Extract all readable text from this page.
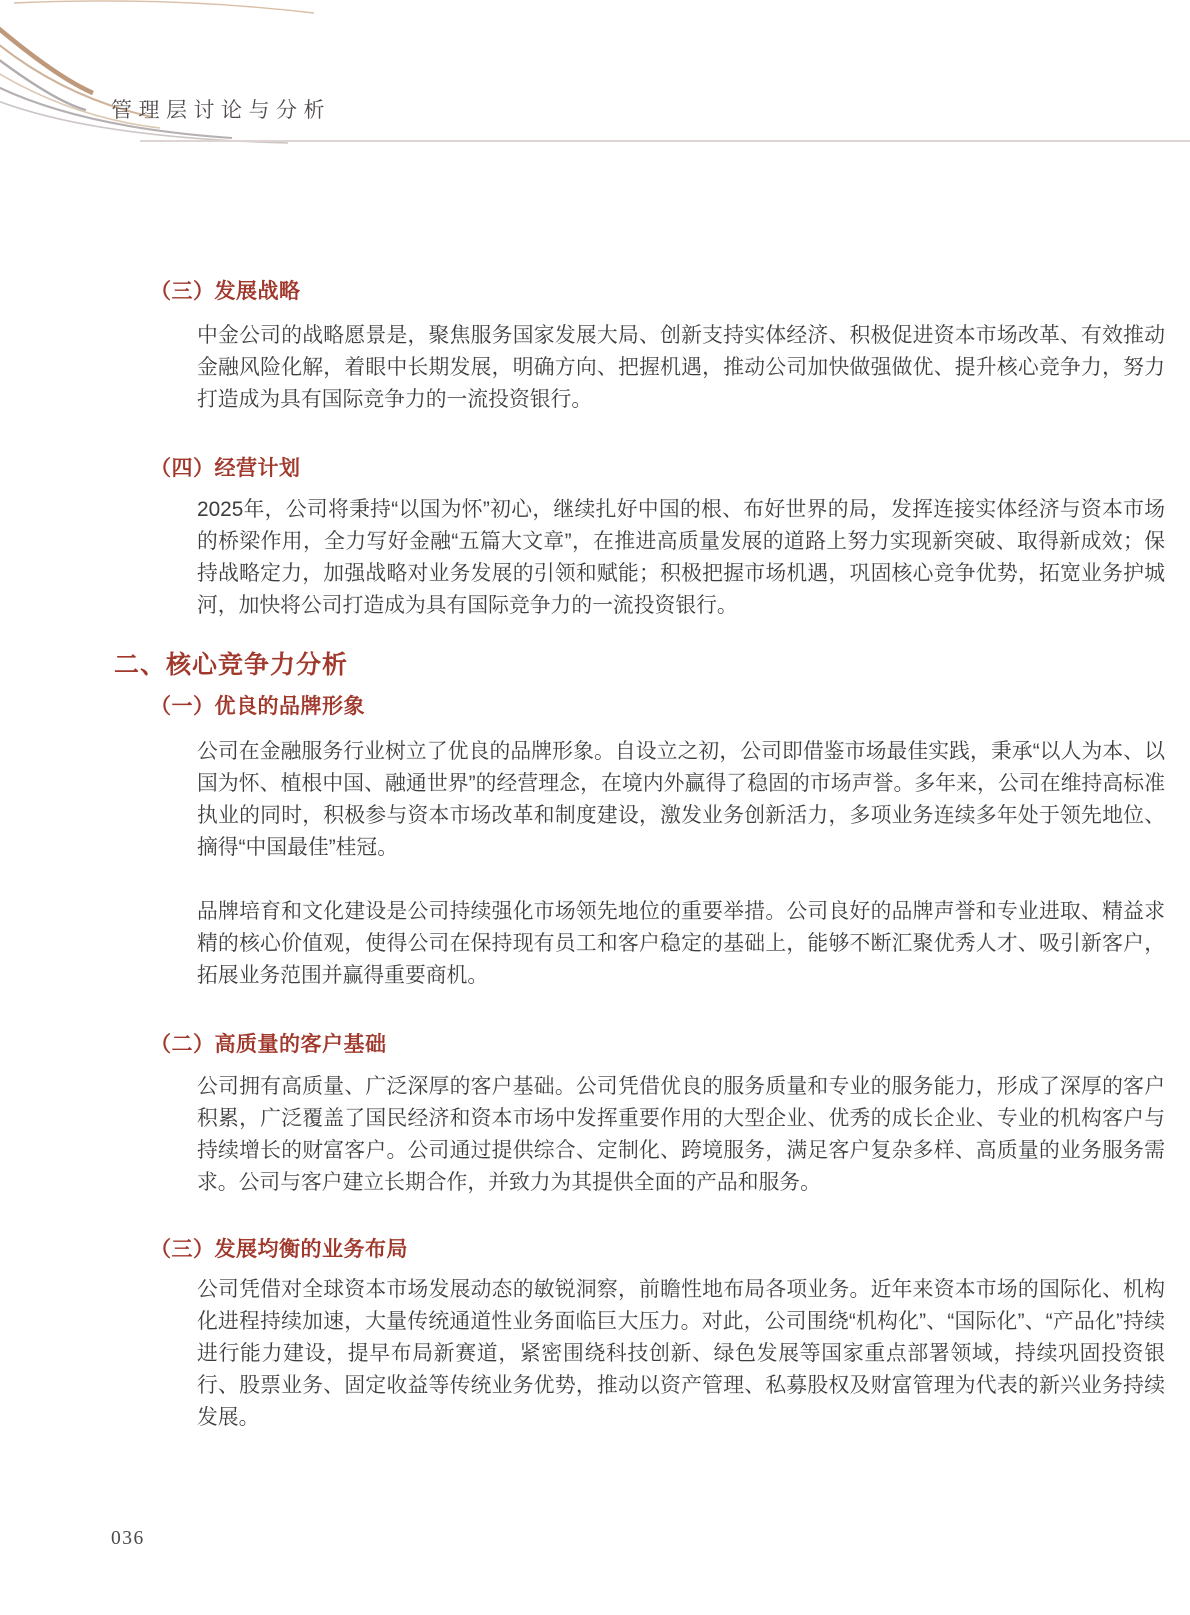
管理层讨论与分析
（三）发展战略

中金公司的战略愿景是，聚焦服务国家发展大局、创新支持实体经济、积极促进资本市场改革、有效推动金融风险化解，着眼中长期发展，明确方向、把握机遇，推动公司加快做强做优、提升核心竞争力，努力打造成为具有国际竞争力的一流投资银行。

（四）经营计划

2025年，公司将秉持“以国为怀”初心，继续扎好中国的根、布好世界的局，发挥连接实体经济与资本市场的桥梁作用，全力写好金融“五篇大文章”，在推进高质量发展的道路上努力实现新突破、取得新成效；保持战略定力，加强战略对业务发展的引领和赋能；积极把握市场机遇，巩固核心竞争优势，拓宽业务护城河，加快将公司打造成为具有国际竞争力的一流投资银行。

二、核心竞争力分析
（一）优良的品牌形象

公司在金融服务行业树立了优良的品牌形象。自设立之初，公司即借鉴市场最佳实践，秉承“以人为本、以国为怀、植根中国、融通世界”的经营理念，在境内外赢得了稳固的市场声誉。多年来，公司在维持高标准执业的同时，积极参与资本市场改革和制度建设，激发业务创新活力，多项业务连续多年处于领先地位、摘得“中国最佳”桂冠。

品牌培育和文化建设是公司持续强化市场领先地位的重要举措。公司良好的品牌声誉和专业进取、精益求精的核心价值观，使得公司在保持现有员工和客户稳定的基础上，能够不断汇聚优秀人才、吸引新客户，拓展业务范围并赢得重要商机。

（二）高质量的客户基础

公司拥有高质量、广泛深厚的客户基础。公司凭借优良的服务质量和专业的服务能力，形成了深厚的客户积累，广泛覆盖了国民经济和资本市场中发挥重要作用的大型企业、优秀的成长企业、专业的机构客户与持续增长的财富客户。公司通过提供综合、定制化、跨境服务，满足客户复杂多样、高质量的业务服务需求。公司与客户建立长期合作，并致力为其提供全面的产品和服务。

（三）发展均衡的业务布局

公司凭借对全球资本市场发展动态的敏锐洞察，前瞻性地布局各项业务。近年来资本市场的国际化、机构化进程持续加速，大量传统通道性业务面临巨大压力。对此，公司围绕“机构化”、“国际化”、“产品化”持续进行能力建设，提早布局新赛道，紧密围绕科技创新、绿色发展等国家重点部署领域，持续巩固投资银行、股票业务、固定收益等传统业务优势，推动以资产管理、私募股权及财富管理为代表的新兴业务持续发展。

036
